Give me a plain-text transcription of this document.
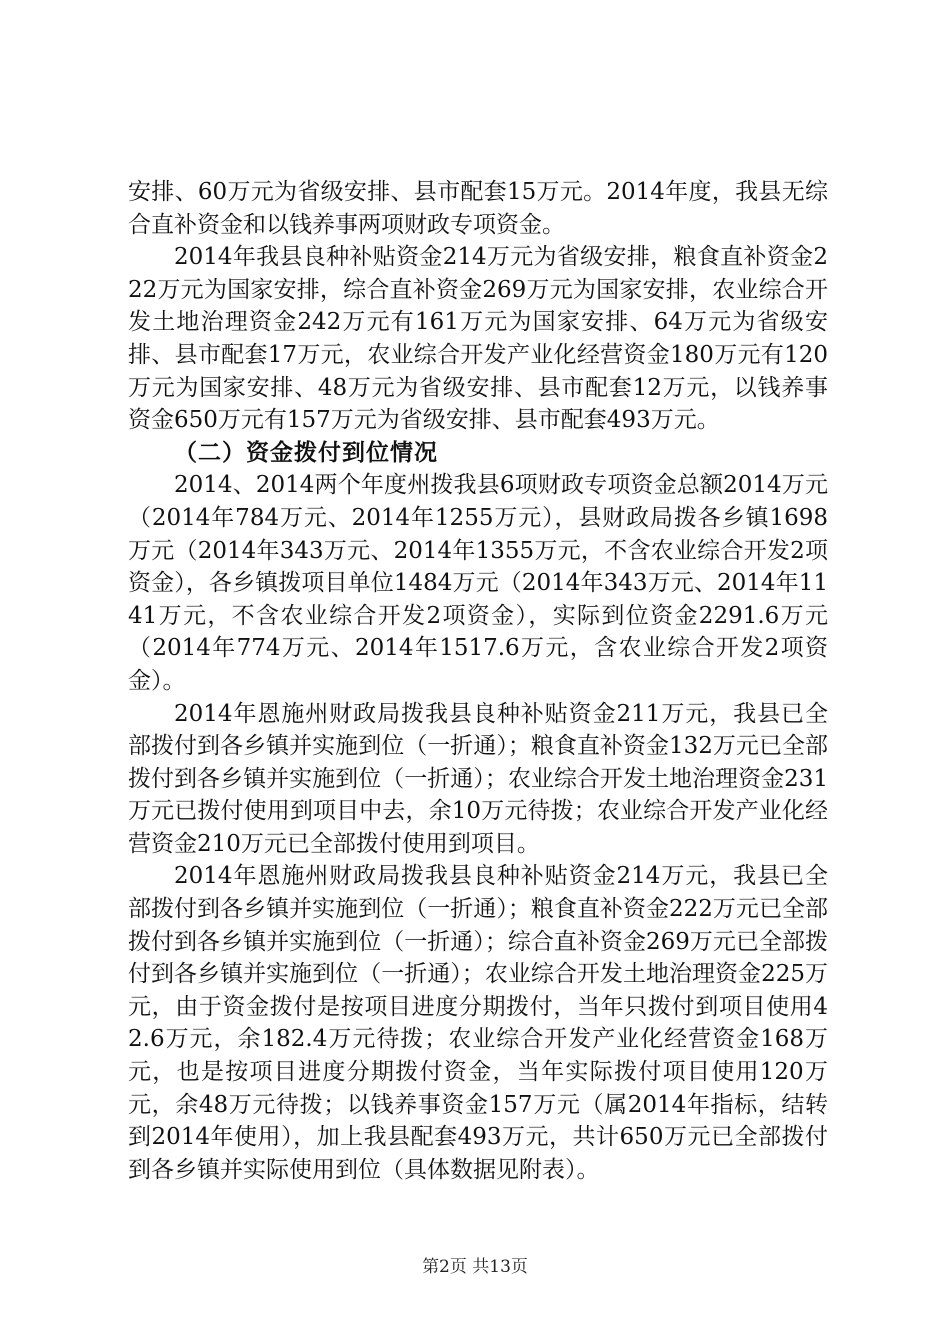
安排、60万元为省级安排、县市配套15万元。2014年度，我县无综合直补资金和以钱养事两项财政专项资金。

2014年我县良种补贴资金214万元为省级安排，粮食直补资金222万元为国家安排，综合直补资金269万元为国家安排，农业综合开发土地治理资金242万元有161万元为国家安排、64万元为省级安排、县市配套17万元，农业综合开发产业化经营资金180万元有120万元为国家安排、48万元为省级安排、县市配套12万元，以钱养事资金650万元有157万元为省级安排、县市配套493万元。

（二）资金拨付到位情况

2014、2014两个年度州拨我县6项财政专项资金总额2014万元（2014年784万元、2014年1255万元），县财政局拨各乡镇1698万元（2014年343万元、2014年1355万元，不含农业综合开发2项资金），各乡镇拨项目单位1484万元（2014年343万元、2014年1141万元，不含农业综合开发2项资金），实际到位资金2291.6万元（2014年774万元、2014年1517.6万元，含农业综合开发2项资金）。

2014年恩施州财政局拨我县良种补贴资金211万元，我县已全部拨付到各乡镇并实施到位（一折通）；粮食直补资金132万元已全部拨付到各乡镇并实施到位（一折通）；农业综合开发土地治理资金231万元已拨付使用到项目中去，余10万元待拨；农业综合开发产业化经营资金210万元已全部拨付使用到项目。

2014年恩施州财政局拨我县良种补贴资金214万元，我县已全部拨付到各乡镇并实施到位（一折通）；粮食直补资金222万元已全部拨付到各乡镇并实施到位（一折通）；综合直补资金269万元已全部拨付到各乡镇并实施到位（一折通）；农业综合开发土地治理资金225万元，由于资金拨付是按项目进度分期拨付，当年只拨付到项目使用42.6万元，余182.4万元待拨；农业综合开发产业化经营资金168万元，也是按项目进度分期拨付资金，当年实际拨付项目使用120万元，余48万元待拨；以钱养事资金157万元（属2014年指标，结转到2014年使用），加上我县配套493万元，共计650万元已全部拨付到各乡镇并实际使用到位（具体数据见附表）。

第2页 共13页
